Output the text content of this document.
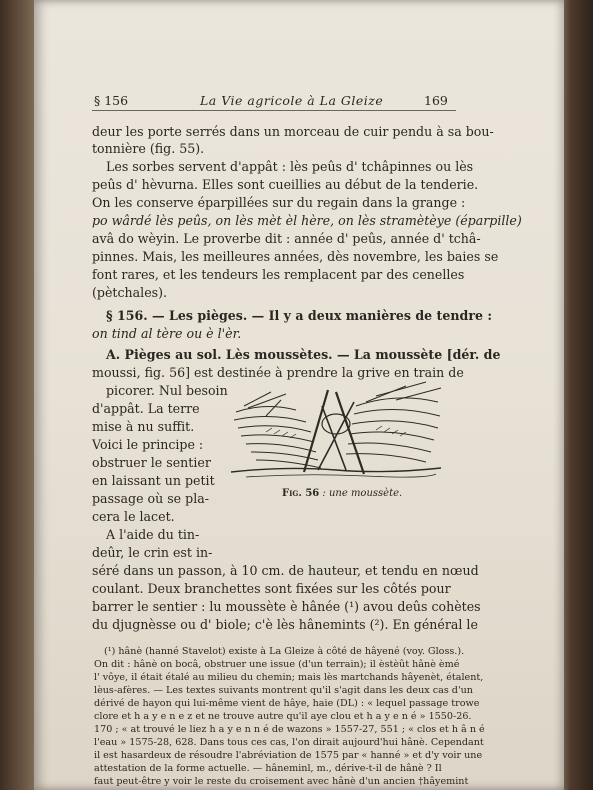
§ 156	La Vie agricole à La Gleize	169
deur les porte serrés dans un morceau de cuir pendu à sa bou-
tonnière (fig. 55).
Les sorbes servent d'appât : lès peûs d' tchâpinnes ou lès
peûs d' hèvurna. Elles sont cueillies au début de la tenderie.
On les conserve éparpillées sur du regain dans la grange :
po wârdé lès peûs, on lès mèt èl hère, on lès stramètèye (éparpille)
avâ do wèyin. Le proverbe dit : année d' peûs, année d' tchâ-
pinnes. Mais, les meilleures années, dès novembre, les baies se
font rares, et les tendeurs les remplacent par des cenelles
(pètchales).
§ 156. — Les pièges. — Il y a deux manières de tendre :
on tind al tère ou è l'èr.
A. Pièges au sol. Lès moussètes. — La moussète [dér. de
moussi, fig. 56] est destinée à prendre la grive en train de
picorer. Nul besoin
d'appât. La terre
mise à nu suffit.
Voici le principe :
obstruer le sentier
en laissant un petit
passage où se pla-
cera le lacet.
A l'aide du tin-
deûr, le crin est in-
séré dans un passon, à 10 cm. de hauteur, et tendu en nœud
coulant. Deux branchettes sont fixées sur les côtés pour
barrer le sentier : lu moussète è hânée (¹) avou deûs cohètes
du djugnèsse ou d' biole; c'è lès hânemints (²). En général le
Fig. 56 : une moussète.
(¹) hânè (hanné Stavelot) existe à La Gleize à côté de hâyené (voy. Gloss.).
On dit : hânè on bocâ, obstruer une issue (d'un terrain); il èstèût hânè èmé
l' vôye, il était étalé au milieu du chemin; mais lès martchands hâyenèt, étalent,
lèus-afères. — Les textes suivants montrent qu'il s'agit dans les deux cas d'un
dérivé de hayon qui lui-même vient de hâye, haie (DL) : « lequel passage trowe
clore et h a y e n e z et ne trouve autre qu'il aye clou et h a y e n é » 1550-26.
170 ; « at trouvé le liez h a y e n n é de wazons » 1557-27, 551 ; « clos et h â n é
l'eau » 1575-28, 628. Dans tous ces cas, l'on dirait aujourd'hui hânè. Cependant
il est hasardeux de résoudre l'abréviation de 1575 par « hanné » et d'y voir une
attestation de la forme actuelle. — hâneminl, m., dérive-t-il de hânè ? Il
faut peut-être y voir le reste du croisement avec hânè d'un ancien †hâyemint
